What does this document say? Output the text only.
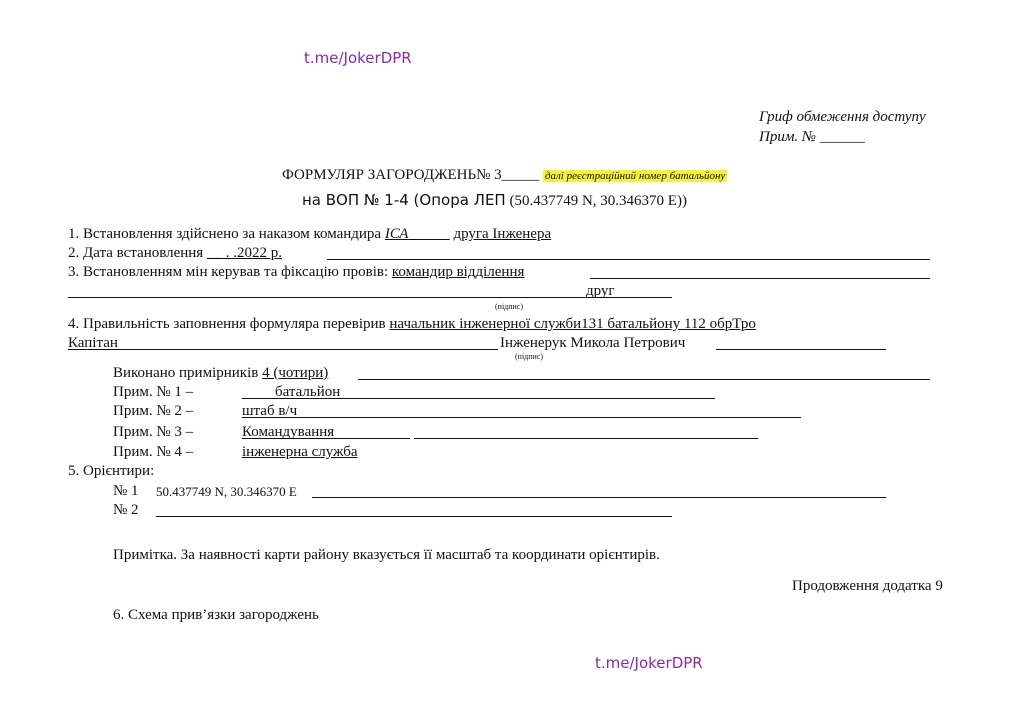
t.me/JokerDPR
t.me/JokerDPR
Гриф обмеження доступу
Прим. № ______
ФОРМУЛЯР ЗАГОРОДЖЕНЬ№ 3_____ далі реєстраційний номер батальйону
на ВОП № 1-4 (Опора ЛЕП (50.437749 N, 30.346370 E))
1. Встановлення здійснено за наказом командира ІСА	друга Інженера
2. Дата встановлення __ . .2022 р.
3. Встановленням мін керував та фіксацію провів: командир відділення
друг
(підпис)
4. Правильність заповнення формуляра перевірив начальник інженерної служби131 батальйону 112 обрТро
Капітан	Інженерук Микола Петрович
(підпис)
Виконано примірників 4 (чотири)
Прим. № 1 –	батальйон
Прим. № 2 –	штаб в/ч
Прим. № 3 –	Командування
Прим. № 4 –	інженерна служба
5. Орієнтири:
№ 1 50.437749 N, 30.346370 E
№ 2
Примітка. За наявності карти району вказується її масштаб та координати орієнтирів.
Продовження додатка 9
6. Схема прив’язки загороджень
